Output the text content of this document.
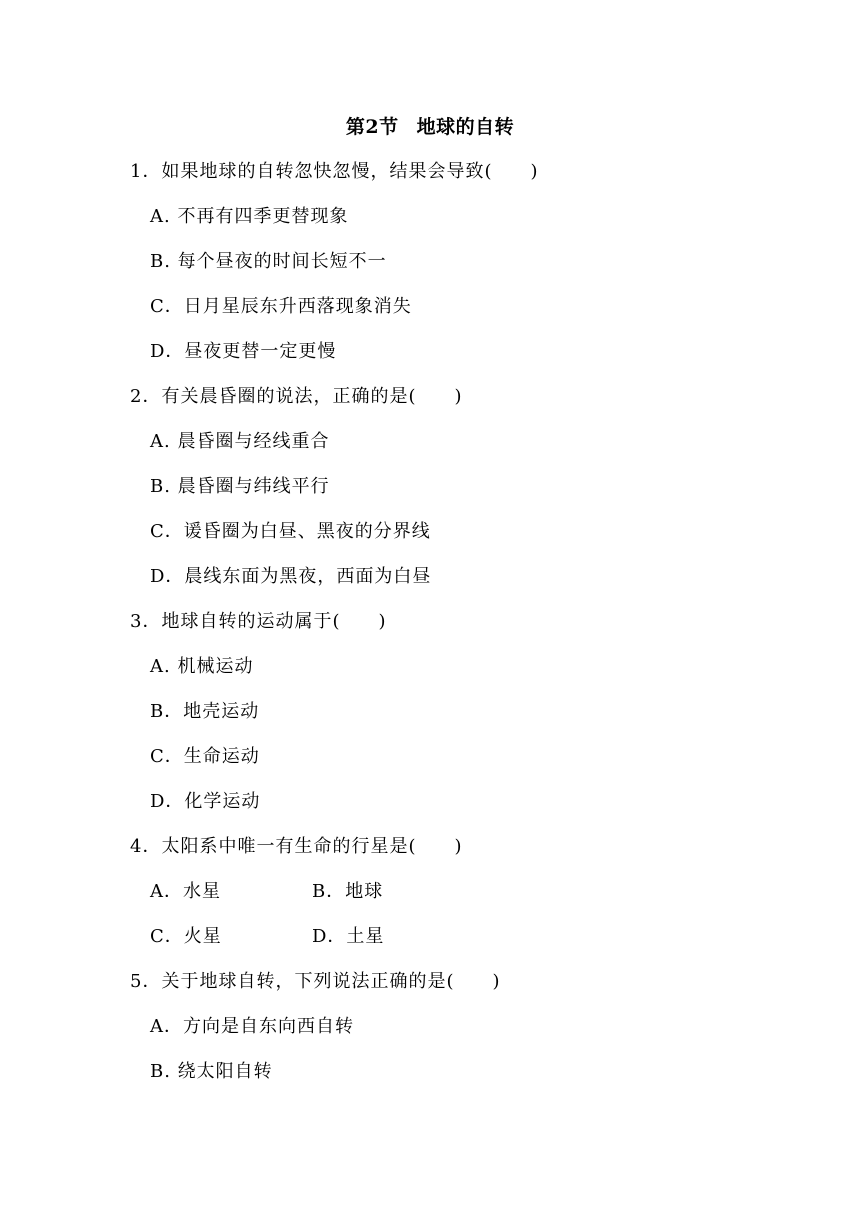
第2节 地球的自转
1．如果地球的自转忽快忽慢，结果会导致(　　)
A. 不再有四季更替现象
B. 每个昼夜的时间长短不一
C．日月星辰东升西落现象消失
D．昼夜更替一定更慢
2．有关晨昏圈的说法，正确的是(　　)
A. 晨昏圈与经线重合
B. 晨昏圈与纬线平行
C．谖昏圈为白昼、黑夜的分界线
D．晨线东面为黑夜，西面为白昼
3．地球自转的运动属于(　　)
A. 机械运动
B．地壳运动
C．生命运动
D．化学运动
4．太阳系中唯一有生命的行星是(　　)
A．水星	B．地球
C．火星	D．土星
5．关于地球自转，下列说法正确的是(　　)
A．方向是自东向西自转
B. 绕太阳自转
